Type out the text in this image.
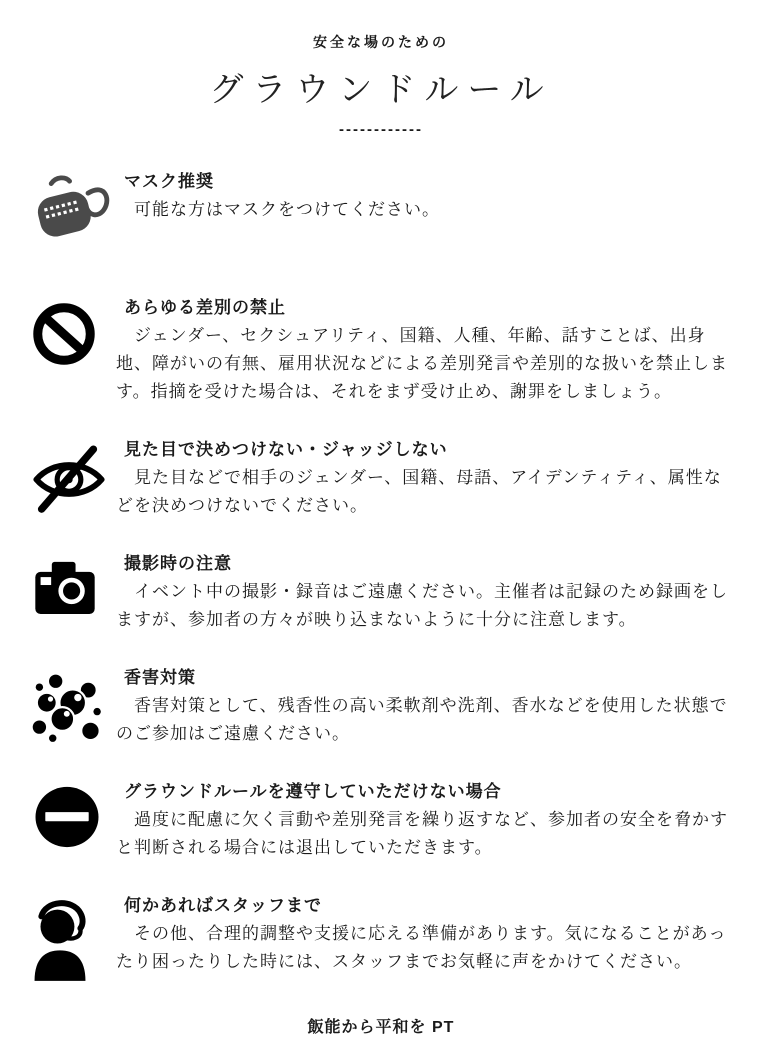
安全な場のための
グラウンドルール
------------
マスク推奨

　可能な方はマスクをつけてください。

あらゆる差別の禁止

　ジェンダー、セクシュアリティ、国籍、人種、年齢、話すことば、出身地、障がいの有無、雇用状況などによる差別発言や差別的な扱いを禁止します。指摘を受けた場合は、それをまず受け止め、謝罪をしましょう。

見た目で決めつけない・ジャッジしない

　見た目などで相手のジェンダー、国籍、母語、アイデンティティ、属性などを決めつけないでください。

撮影時の注意

　イベント中の撮影・録音はご遠慮ください。主催者は記録のため録画をしますが、参加者の方々が映り込まないように十分に注意します。

香害対策

　香害対策として、残香性の高い柔軟剤や洗剤、香水などを使用した状態でのご参加はご遠慮ください。

グラウンドルールを遵守していただけない場合

　過度に配慮に欠く言動や差別発言を繰り返すなど、参加者の安全を脅かすと判断される場合には退出していただきます。

何かあればスタッフまで

　その他、合理的調整や支援に応える準備があります。気になることがあったり困ったりした時には、スタッフまでお気軽に声をかけてください。

飯能から平和を PT
